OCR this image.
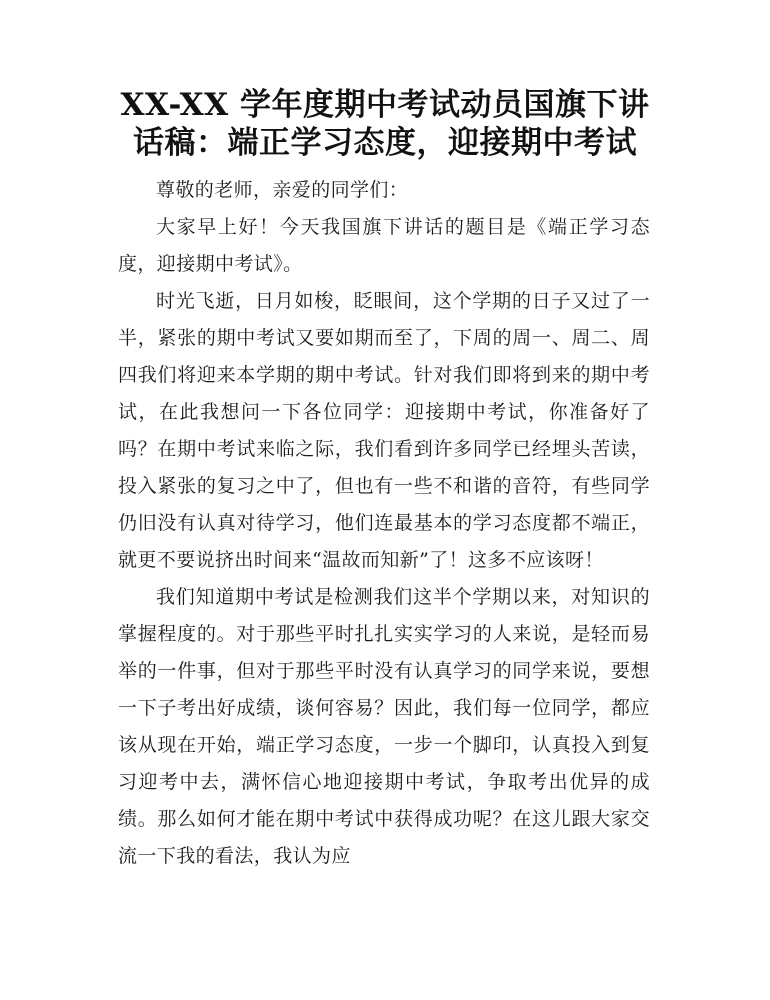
XX-XX 学年度期中考试动员国旗下讲话稿：端正学习态度，迎接期中考试

尊敬的老师，亲爱的同学们：

大家早上好！今天我国旗下讲话的题目是《端正学习态度，迎接期中考试》。

时光飞逝，日月如梭，眨眼间，这个学期的日子又过了一半，紧张的期中考试又要如期而至了，下周的周一、周二、周四我们将迎来本学期的期中考试。针对我们即将到来的期中考试，在此我想问一下各位同学：迎接期中考试，你准备好了吗？在期中考试来临之际，我们看到许多同学已经埋头苦读，投入紧张的复习之中了，但也有一些不和谐的音符，有些同学仍旧没有认真对待学习，他们连最基本的学习态度都不端正，就更不要说挤出时间来“温故而知新”了！这多不应该呀！

我们知道期中考试是检测我们这半个学期以来，对知识的掌握程度的。对于那些平时扎扎实实学习的人来说，是轻而易举的一件事，但对于那些平时没有认真学习的同学来说，要想一下子考出好成绩，谈何容易？因此，我们每一位同学，都应该从现在开始，端正学习态度，一步一个脚印，认真投入到复习迎考中去，满怀信心地迎接期中考试，争取考出优异的成绩。那么如何才能在期中考试中获得成功呢？在这儿跟大家交流一下我的看法，我认为应
